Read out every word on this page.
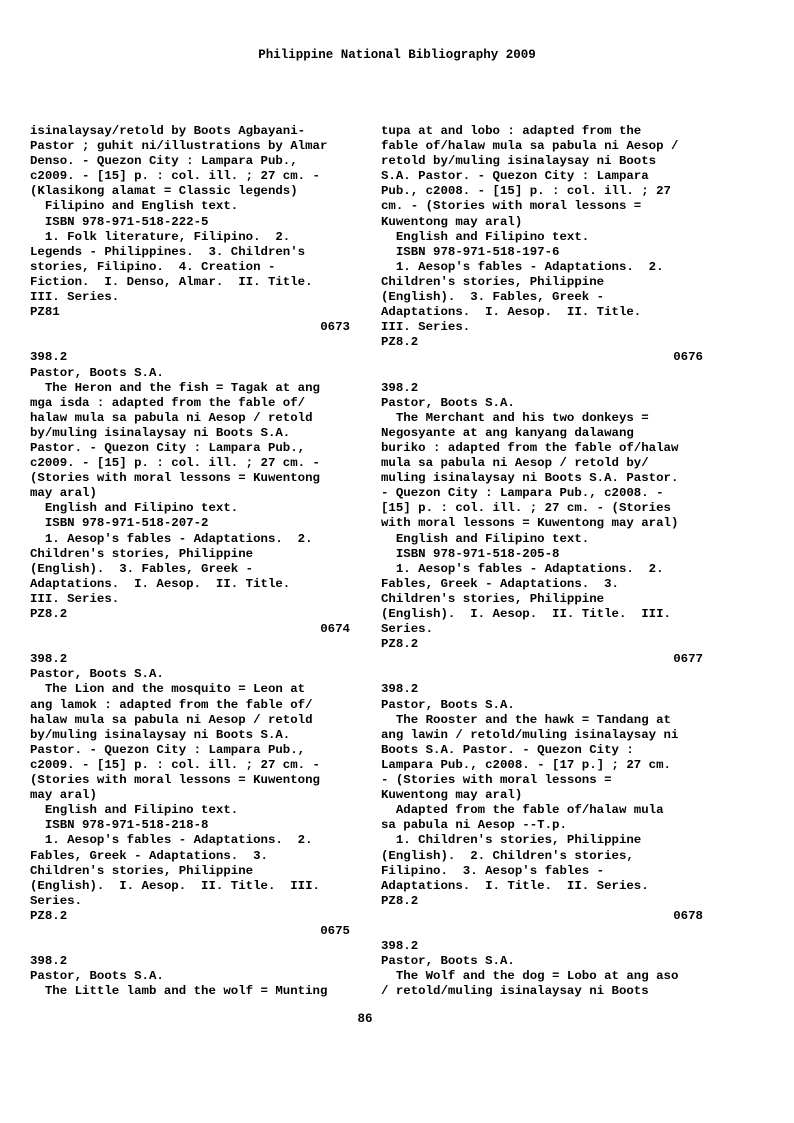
Philippine National Bibliography 2009
isinalaysay/retold by Boots Agbayani-
Pastor ; guhit ni/illustrations by Almar
Denso. - Quezon City : Lampara Pub.,
c2009. - [15] p. : col. ill. ; 27 cm. -
(Klasikong alamat = Classic legends)
Filipino and English text.
ISBN 978-971-518-222-5
1. Folk literature, Filipino.  2.
Legends - Philippines.  3. Children's
stories, Filipino.  4. Creation -
Fiction.  I. Denso, Almar.  II. Title.
III. Series.
PZ81
0673
398.2
Pastor, Boots S.A.
The Heron and the fish = Tagak at ang
mga isda : adapted from the fable of/
halaw mula sa pabula ni Aesop / retold
by/muling isinalaysay ni Boots S.A.
Pastor. - Quezon City : Lampara Pub.,
c2009. - [15] p. : col. ill. ; 27 cm. -
(Stories with moral lessons = Kuwentong
may aral)
English and Filipino text.
ISBN 978-971-518-207-2
1. Aesop's fables - Adaptations.  2.
Children's stories, Philippine
(English).  3. Fables, Greek -
Adaptations.  I. Aesop.  II. Title.
III. Series.
PZ8.2
0674
398.2
Pastor, Boots S.A.
The Lion and the mosquito = Leon at
ang lamok : adapted from the fable of/
halaw mula sa pabula ni Aesop / retold
by/muling isinalaysay ni Boots S.A.
Pastor. - Quezon City : Lampara Pub.,
c2009. - [15] p. : col. ill. ; 27 cm. -
(Stories with moral lessons = Kuwentong
may aral)
English and Filipino text.
ISBN 978-971-518-218-8
1. Aesop's fables - Adaptations.  2.
Fables, Greek - Adaptations.  3.
Children's stories, Philippine
(English).  I. Aesop.  II. Title.  III.
Series.
PZ8.2
0675
398.2
Pastor, Boots S.A.
The Little lamb and the wolf = Munting
tupa at and lobo : adapted from the
fable of/halaw mula sa pabula ni Aesop /
retold by/muling isinalaysay ni Boots
S.A. Pastor. - Quezon City : Lampara
Pub., c2008. - [15] p. : col. ill. ; 27
cm. - (Stories with moral lessons =
Kuwentong may aral)
English and Filipino text.
ISBN 978-971-518-197-6
1. Aesop's fables - Adaptations.  2.
Children's stories, Philippine
(English).  3. Fables, Greek -
Adaptations.  I. Aesop.  II. Title.
III. Series.
PZ8.2
0676
398.2
Pastor, Boots S.A.
The Merchant and his two donkeys =
Negosyante at ang kanyang dalawang
buriko : adapted from the fable of/halaw
mula sa pabula ni Aesop / retold by/
muling isinalaysay ni Boots S.A. Pastor.
- Quezon City : Lampara Pub., c2008. -
[15] p. : col. ill. ; 27 cm. - (Stories
with moral lessons = Kuwentong may aral)
English and Filipino text.
ISBN 978-971-518-205-8
1. Aesop's fables - Adaptations.  2.
Fables, Greek - Adaptations.  3.
Children's stories, Philippine
(English).  I. Aesop.  II. Title.  III.
Series.
PZ8.2
0677
398.2
Pastor, Boots S.A.
The Rooster and the hawk = Tandang at
ang lawin / retold/muling isinalaysay ni
Boots S.A. Pastor. - Quezon City :
Lampara Pub., c2008. - [17 p.] ; 27 cm.
- (Stories with moral lessons =
Kuwentong may aral)
Adapted from the fable of/halaw mula
sa pabula ni Aesop --T.p.
1. Children's stories, Philippine
(English).  2. Children's stories,
Filipino.  3. Aesop's fables -
Adaptations.  I. Title.  II. Series.
PZ8.2
0678
398.2
Pastor, Boots S.A.
The Wolf and the dog = Lobo at ang aso
/ retold/muling isinalaysay ni Boots
86
